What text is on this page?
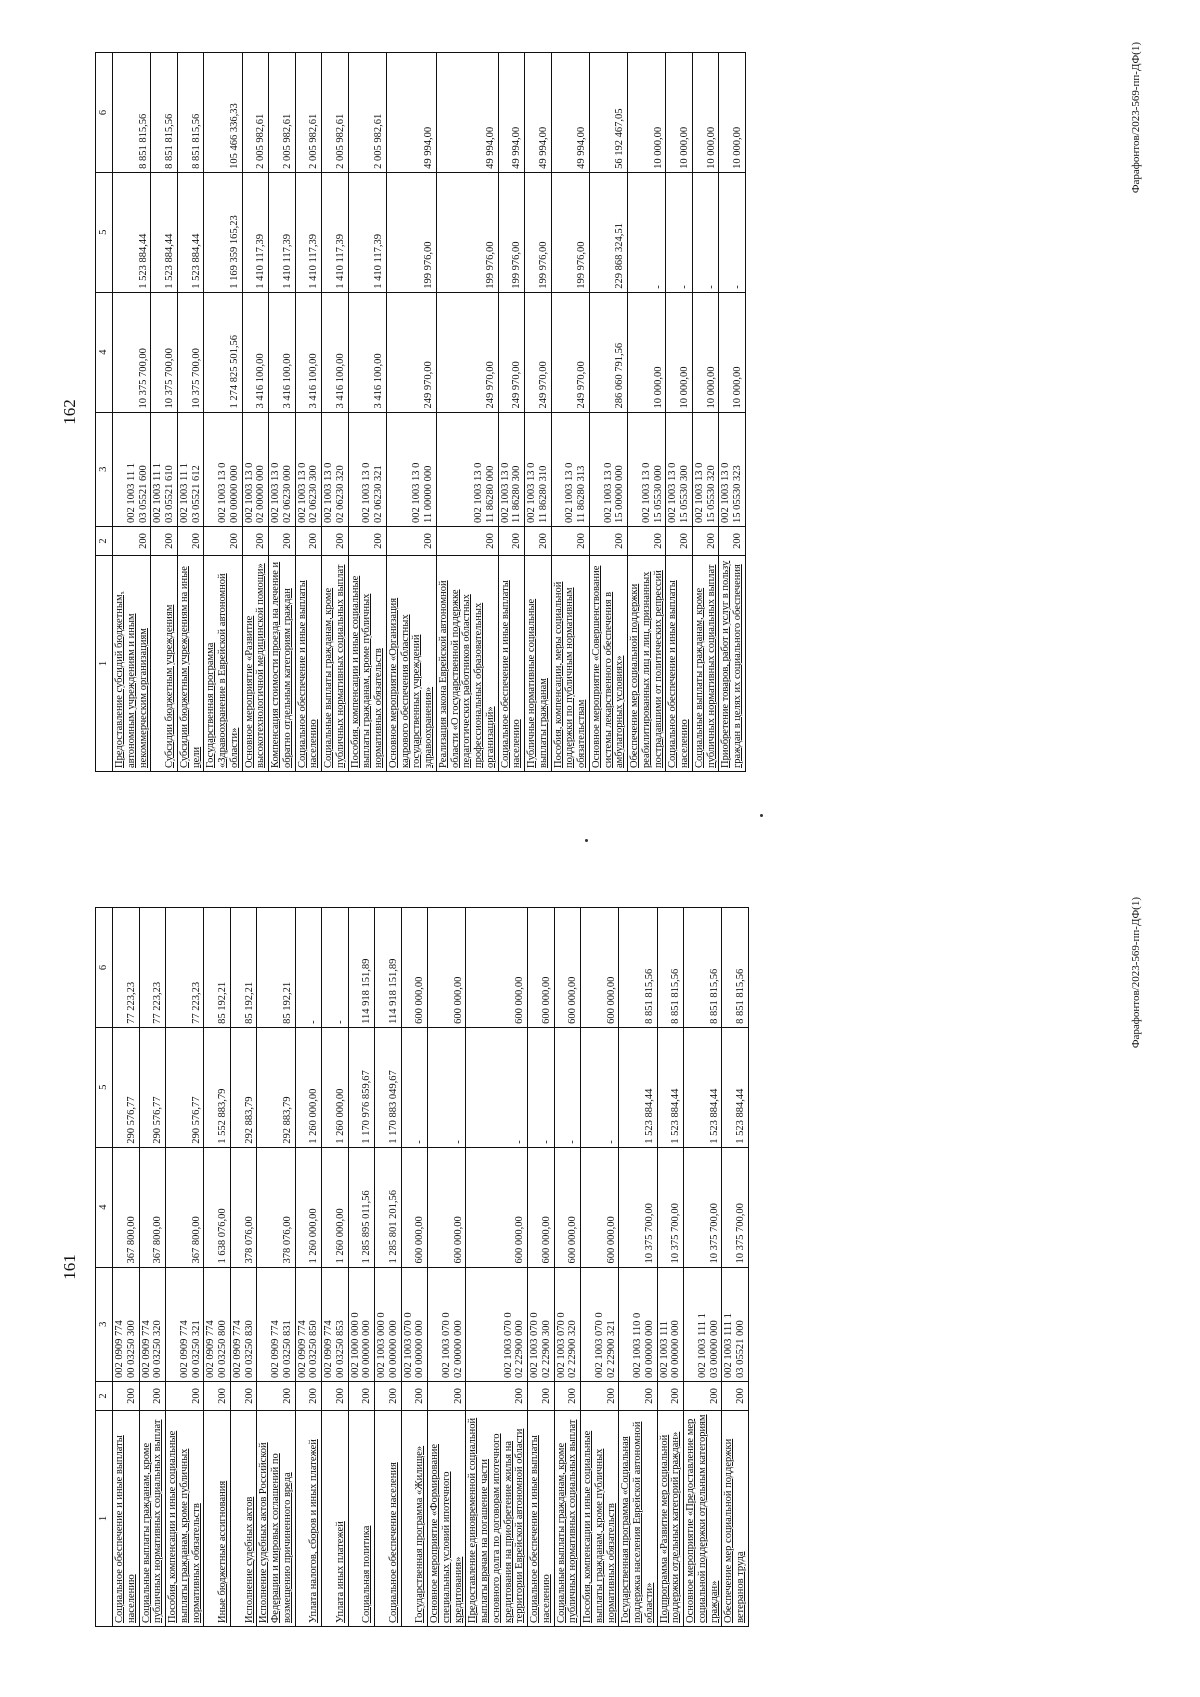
161
1	2	3	4	5	6

Социальное обеспечение и иные выплаты населению	200	002 0909 774
00 03250 300	367 800,00	290 576,77	77 223,23

Социальные выплаты гражданам, кроме публичных нормативных социальных выплат	200	002 0909 774
00 03250 320	367 800,00	290 576,77	77 223,23

Пособия, компенсации и иные социальные выплаты гражданам, кроме публичных нормативных обязательств	200	002 0909 774
00 03250 321	367 800,00	290 576,77	77 223,23

Иные бюджетные ассигнования	200	002 0909 774
00 03250 800	1 638 076,00	1 552 883,79	85 192,21

Исполнение судебных актов	200	002 0909 774
00 03250 830	378 076,00	292 883,79	85 192,21

Исполнение судебных актов Российской Федерации и мировых соглашений по возмещению причиненного вреда	200	002 0909 774
00 03250 831	378 076,00	292 883,79	85 192,21

Уплата налогов, сборов и иных платежей	200	002 0909 774
00 03250 850	1 260 000,00	1 260 000,00	-

Уплата иных платежей	200	002 0909 774
00 03250 853	1 260 000,00	1 260 000,00	-

Социальная политика	200	002 1000 000 0
00 00000 000	1 285 895 011,56	1 170 976 859,67	114 918 151,89

Социальное обеспечение населения	200	002 1003 000 0
00 00000 000	1 285 801 201,56	1 170 883 049,67	114 918 151,89

Государственная программа «Жилище»	200	002 1003 070 0
00 00000 000	600 000,00	-	600 000,00

Основное мероприятие «Формирование специальных условий ипотечного кредитования»	200	002 1003 070 0
02 00000 000	600 000,00	-	600 000,00

Предоставление единовременной социальной выплаты врачам на погашение части основного долга по договорам ипотечного кредитования на приобретение жилья на территории Еврейской автономной области	200	002 1003 070 0
02 22900 000	600 000,00	-	600 000,00

Социальное обеспечение и иные выплаты населению	200	002 1003 070 0
02 22900 300	600 000,00	-	600 000,00

Социальные выплаты гражданам, кроме публичных нормативных социальных выплат	200	002 1003 070 0
02 22900 320	600 000,00	-	600 000,00

Пособия, компенсации и иные социальные выплаты гражданам, кроме публичных нормативных обязательств	200	002 1003 070 0
02 22900 321	600 000,00	-	600 000,00

Государственная программа «Социальная поддержка населения Еврейской автономной области»	200	002 1003 110 0
00 00000 000	10 375 700,00	1 523 884,44	8 851 815,56

Подпрограмма «Развитие мер социальной поддержки отдельных категорий граждан»	200	002 1003 111
00 00000 000	10 375 700,00	1 523 884,44	8 851 815,56

Основное мероприятие «Предоставление мер социальной поддержки отдельным категориям граждан»	200	002 1003 111 1
03 00000 000	10 375 700,00	1 523 884,44	8 851 815,56

Обеспечение мер социальной поддержки ветеранов труда	200	002 1003 111 1
03 05521 000	10 375 700,00	1 523 884,44	8 851 815,56	Фарафонтов/2023-569-пп-ДФ(1)
162
1	2	3	4	5	6

Предоставление субсидий бюджетным, автономным учреждениям и иным некоммерческим организациям	200	002 1003 11 1
03 05521 600	10 375 700,00	1 523 884,44	8 851 815,56

Субсидии бюджетным учреждениям	200	002 1003 11 1
03 05521 610	10 375 700,00	1 523 884,44	8 851 815,56

Субсидии бюджетным учреждениям на иные цели	200	002 1003 11 1
03 05521 612	10 375 700,00	1 523 884,44	8 851 815,56

Государственная программа «Здравоохранение в Еврейской автономной области»	200	002 1003 13 0
00 00000 000	1 274 825 501,56	1 169 359 165,23	105 466 336,33

Основное мероприятие «Развитие высокотехнологичной медицинской помощи»	200	002 1003 13 0
02 00000 000	3 416 100,00	1 410 117,39	2 005 982,61

Компенсация стоимости проезда на лечение и обратно отдельным категориям граждан	200	002 1003 13 0
02 06230 000	3 416 100,00	1 410 117,39	2 005 982,61

Социальное обеспечение и иные выплаты населению	200	002 1003 13 0
02 06230 300	3 416 100,00	1 410 117,39	2 005 982,61

Социальные выплаты гражданам, кроме публичных нормативных социальных выплат	200	002 1003 13 0
02 06230 320	3 416 100,00	1 410 117,39	2 005 982,61

Пособия, компенсации и иные социальные выплаты гражданам, кроме публичных нормативных обязательств	200	002 1003 13 0
02 06230 321	3 416 100,00	1 410 117,39	2 005 982,61

Основное мероприятие «Организация кадрового обеспечения областных государственных учреждений здравоохранения»	200	002 1003 13 0
11 00000 000	249 970,00	199 976,00	49 994,00

Реализация закона Еврейской автономной области «О государственной поддержке педагогических работников областных профессиональных образовательных организаций»	200	002 1003 13 0
11 86280 000	249 970,00	199 976,00	49 994,00

Социальное обеспечение и иные выплаты населению	200	002 1003 13 0
11 86280 300	249 970,00	199 976,00	49 994,00

Публичные нормативные социальные выплаты гражданам	200	002 1003 13 0
11 86280 310	249 970,00	199 976,00	49 994,00

Пособия, компенсации, меры социальной поддержки по публичным нормативным обязательствам	200	002 1003 13 0
11 86280 313	249 970,00	199 976,00	49 994,00

Основное мероприятие «Совершенствование системы лекарственного обеспечения в амбулаторных условиях»	200	002 1003 13 0
15 00000 000	286 060 791,56	229 868 324,51	56 192 467,05

Обеспечение мер социальной поддержки реабилитированных лиц и лиц, признанных пострадавшими от политических репрессий	200	002 1003 13 0
15 05530 000	10 000,00	-	10 000,00

Социальное обеспечение и иные выплаты населению	200	002 1003 13 0
15 05530 300	10 000,00	-	10 000,00

Социальные выплаты гражданам, кроме публичных нормативных социальных выплат	200	002 1003 13 0
15 05530 320	10 000,00	-	10 000,00

Приобретение товаров, работ и услуг в пользу граждан в целях их социального обеспечения	200	002 1003 13 0
15 05530 323	10 000,00	-	10 000,00	Фарафонтов/2023-569-пп-ДФ(1)
